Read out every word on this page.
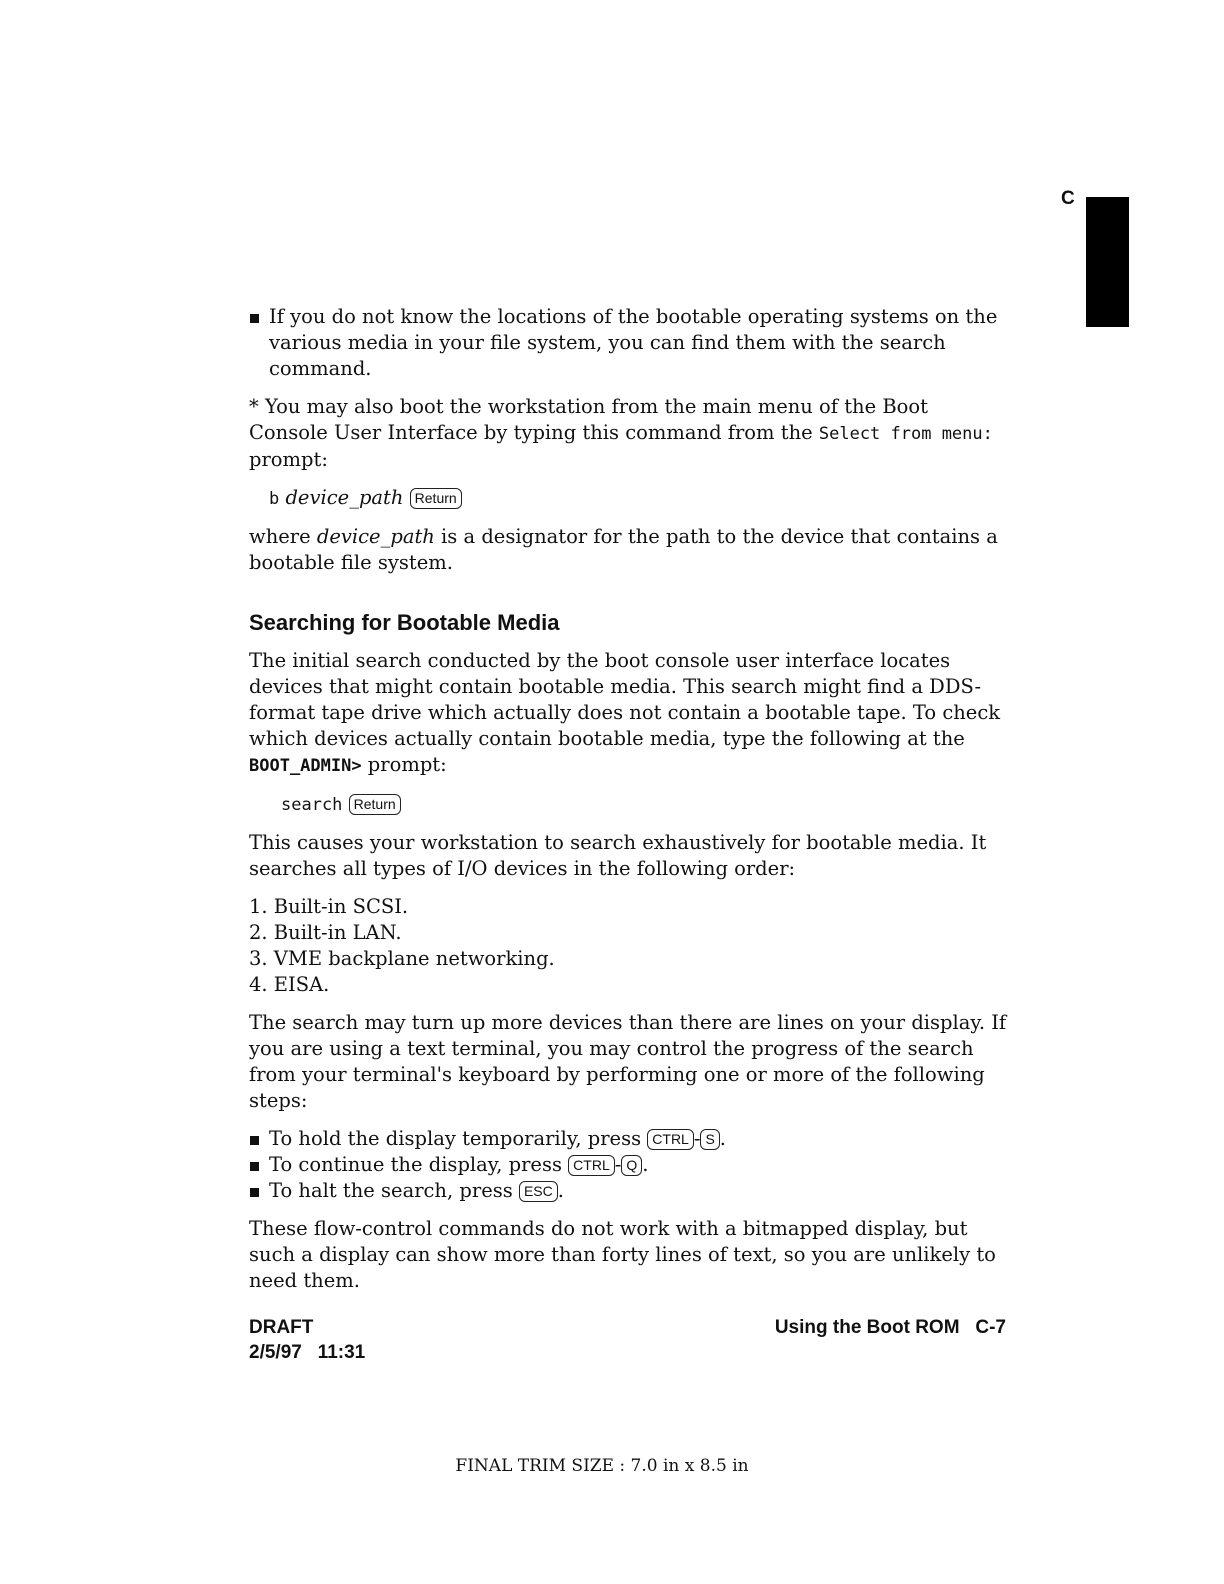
C

If you do not know the locations of the bootable operating systems on the various media in your file system, you can find them with the search command.

* You may also boot the workstation from the main menu of the Boot Console User Interface by typing this command from the Select from menu: prompt:

b device_path Return

where device_path is a designator for the path to the device that contains a bootable file system.

Searching for Bootable Media

The initial search conducted by the boot console user interface locates devices that might contain bootable media. This search might find a DDS-format tape drive which actually does not contain a bootable tape. To check which devices actually contain bootable media, type the following at the BOOT_ADMIN> prompt:

search Return

This causes your workstation to search exhaustively for bootable media. It searches all types of I/O devices in the following order:

1. Built-in SCSI.
2. Built-in LAN.
3. VME backplane networking.
4. EISA.

The search may turn up more devices than there are lines on your display. If you are using a text terminal, you may control the progress of the search from your terminal's keyboard by performing one or more of the following steps:

To hold the display temporarily, press CTRL - S .

To continue the display, press CTRL - Q .

To halt the search, press ESC .

These flow-control commands do not work with a bitmapped display, but such a display can show more than forty lines of text, so you are unlikely to need them.

DRAFT
2/5/97 11:31
Using the Boot ROM C-7
FINAL TRIM SIZE : 7.0 in x 8.5 in
